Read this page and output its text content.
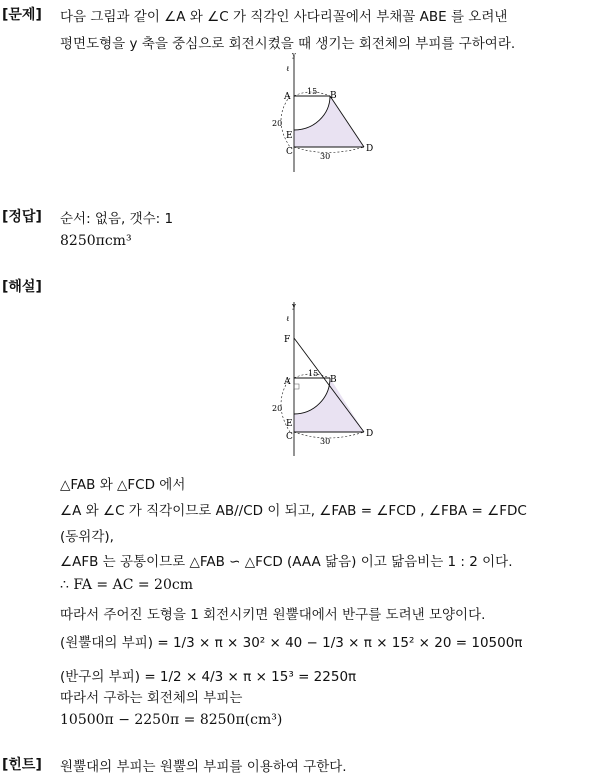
[문제] 다음 그림과 같이 ∠A 와 ∠C 가 직각인 사다리꼴에서 부채꼴 ABE 를 오려낸
평면도형을 y 축을 중심으로 회전시켰을 때 생기는 회전체의 부피를 구하여라.
y
ℓ
A	B
C	D
E
15
20
30
[정답] 순서: 없음, 갯수: 1
8250πcm³
[해설]
y
ℓ
F
A	B
C	D
E
15
20
30
△FAB 와 △FCD 에서
∠A 와 ∠C 가 직각이므로 AB//CD 이 되고, ∠FAB = ∠FCD , ∠FBA = ∠FDC
(동위각),
∠AFB 는 공통이므로 △FAB ∽ △FCD (AAA 닮음) 이고 닮음비는 1 : 2 이다.
∴ FA = AC = 20cm
따라서 주어진 도형을 1 회전시키면 원뿔대에서 반구를 도려낸 모양이다.
(원뿔대의 부피) = 1/3 × π × 30² × 40 − 1/3 × π × 15² × 20 = 10500π
(반구의 부피) = 1/2 × 4/3 × π × 15³ = 2250π
따라서 구하는 회전체의 부피는
10500π − 2250π = 8250π(cm³)
[힌트] 원뿔대의 부피는 원뿔의 부피를 이용하여 구한다.
